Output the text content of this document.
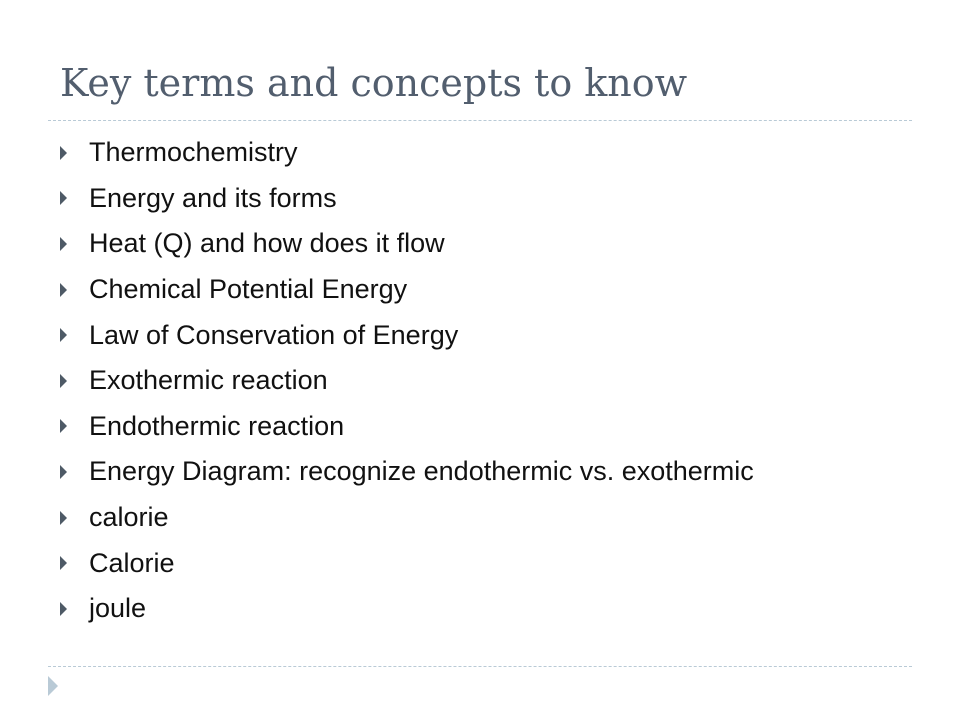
Key terms and concepts to know
Thermochemistry
Energy and its forms
Heat (Q) and how does it flow
Chemical Potential Energy
Law of Conservation of Energy
Exothermic reaction
Endothermic reaction
Energy Diagram: recognize endothermic vs. exothermic
calorie
Calorie
joule
